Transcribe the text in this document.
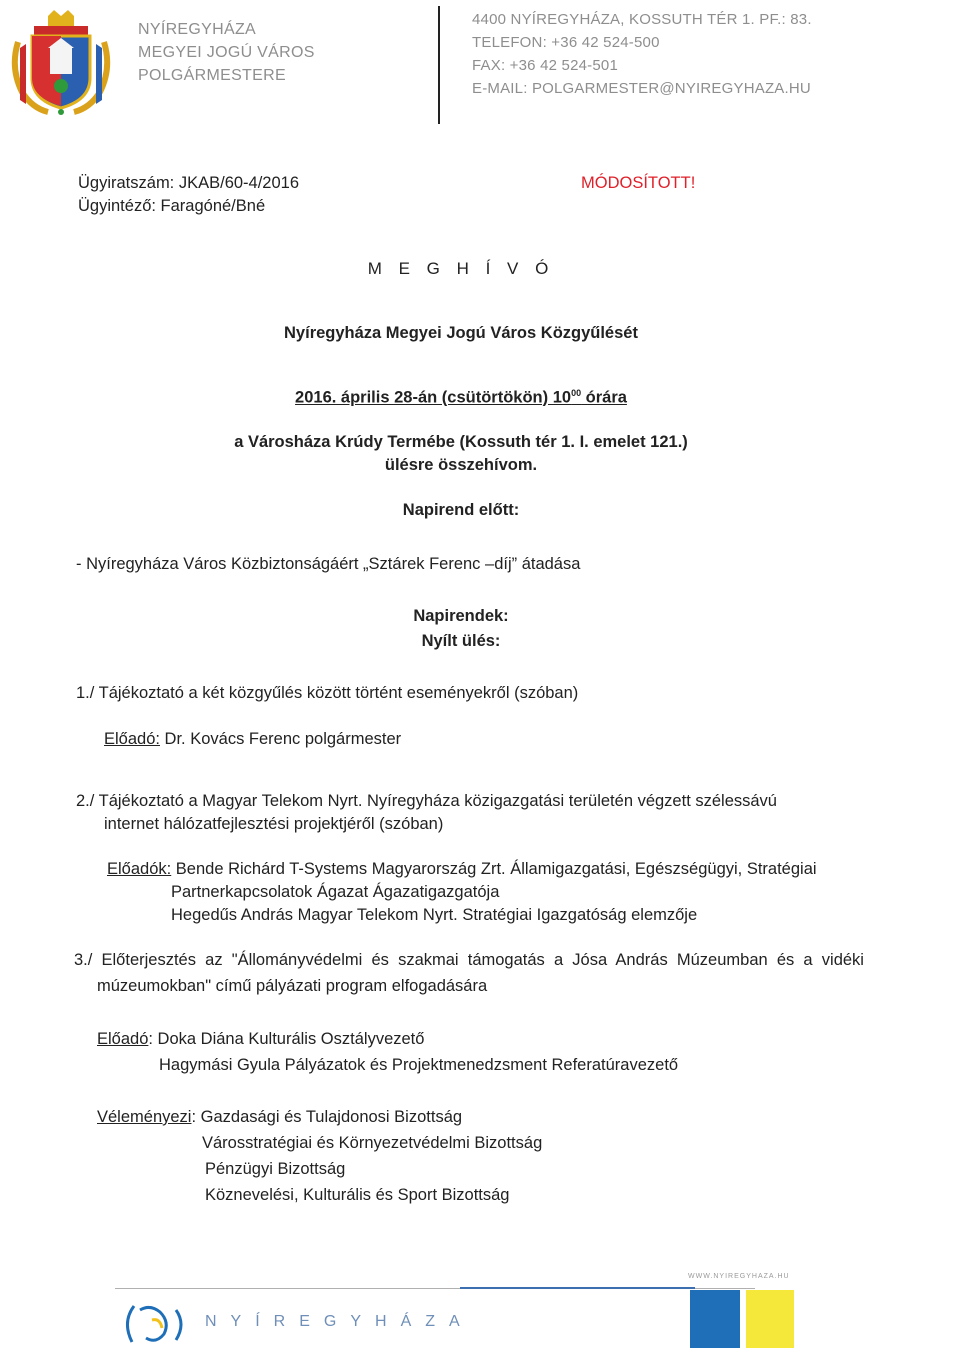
NYÍREGYHÁZA
MEGYEI JOGÚ VÁROS
POLGÁRMESTERE
4400 NYÍREGYHÁZA, KOSSUTH TÉR 1. PF.: 83.
TELEFON: +36 42 524-500
FAX: +36 42 524-501
E-MAIL: POLGARMESTER@NYIREGYHAZA.HU
Ügyiratszám: JKAB/60-4/2016
Ügyintéző: Faragóné/Bné
MÓDOSÍTOTT!
M E G H Í V Ó
Nyíregyháza Megyei Jogú Város Közgyűlését
2016. április 28-án (csütörtökön) $10^{00}$ órára
a Városháza Krúdy Termébe (Kossuth tér 1. I. emelet 121.)
ülésre összehívom.
Napirend előtt:
- Nyíregyháza Város Közbiztonságáért „Sztárek Ferenc –díj” átadása
Napirendek:
Nyílt ülés:
1./ Tájékoztató a két közgyűlés között történt eseményekről (szóban)
Előadó: Dr. Kovács Ferenc polgármester
2./ Tájékoztató a Magyar Telekom Nyrt. Nyíregyháza közigazgatási területén végzett szélessávú
internet hálózatfejlesztési projektjéről (szóban)
Előadók: Bende Richárd T-Systems Magyarország Zrt. Államigazgatási, Egészségügyi, Stratégiai
Partnerkapcsolatok Ágazat Ágazatigazgatója
Hegedűs András Magyar Telekom Nyrt. Stratégiai Igazgatóság elemzője
3./  Előterjesztés  az  "Állományvédelmi  és  szakmai  támogatás  a  Jósa  András  Múzeumban  és  a  vidéki
múzeumokban" című pályázati program elfogadására
Előadó: Doka Diána Kulturális Osztályvezető
Hagymási Gyula Pályázatok és Projektmenedzsment Referatúravezető
Véleményezi: Gazdasági és Tulajdonosi Bizottság
Városstratégiai és Környezetvédelmi Bizottság
Pénzügyi Bizottság
Köznevelési, Kulturális és Sport Bizottság
WWW.NYIREGYHAZA.HU
NYÍREGYHÁZA
